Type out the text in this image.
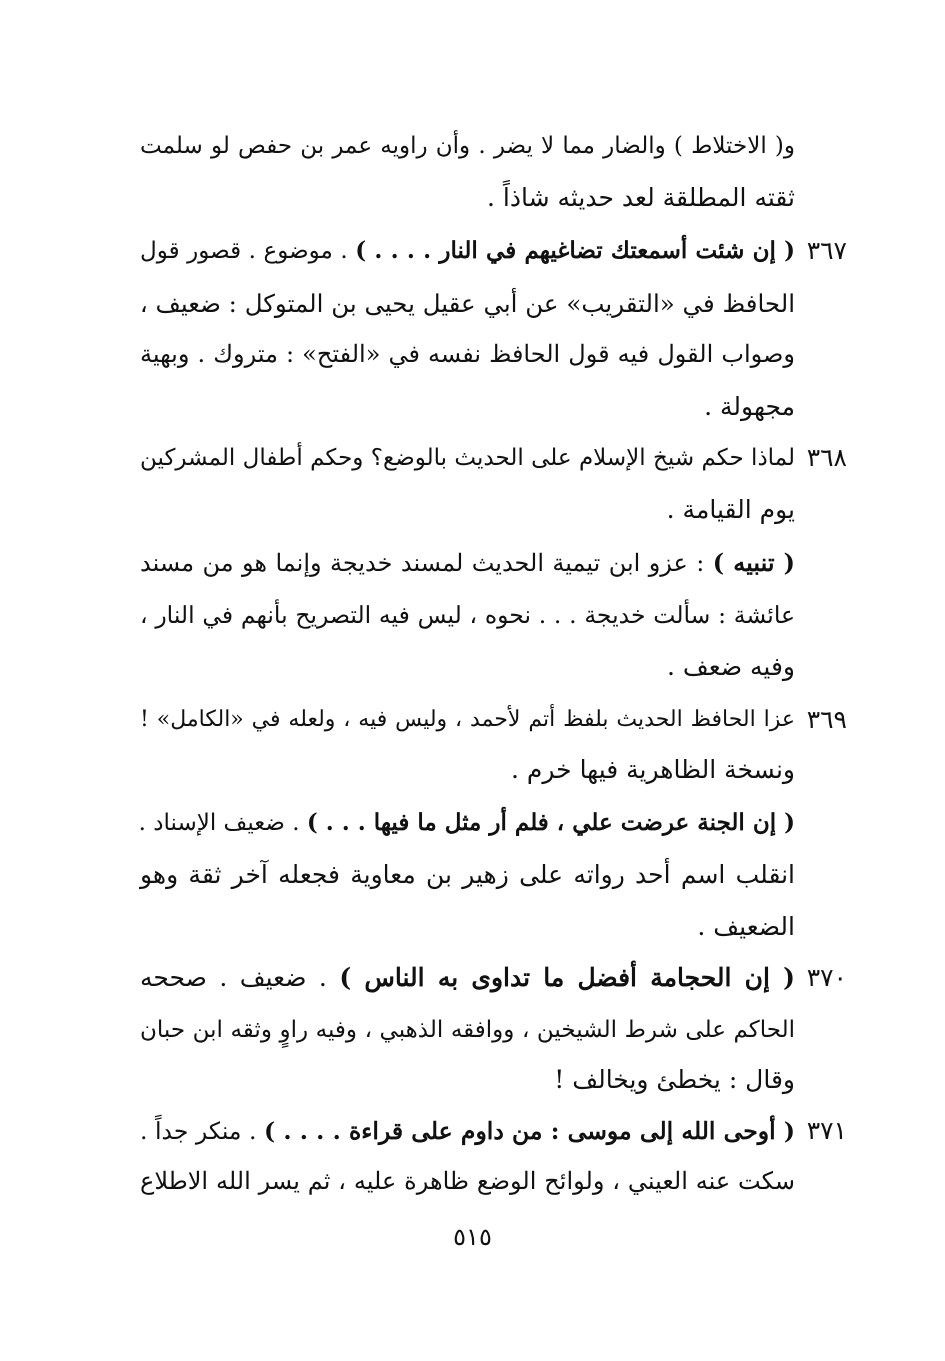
و( الاختلاط ) والضار مما لا يضر . وأن راويه عمر بن حفص لو سلمت
ثقته المطلقة لعد حديثه شاذاً .
٣٦٧
( إن شئت أسمعتك تضاغيهم في النار . . . . ) . موضوع . قصور قول
الحافظ في «التقريب» عن أبي عقيل يحيى بن المتوكل : ضعيف ،
وصواب القول فيه قول الحافظ نفسه في «الفتح» : متروك . وبهية
مجهولة .
٣٦٨
لماذا حكم شيخ الإسلام على الحديث بالوضع؟ وحكم أطفال المشركين
يوم القيامة .
( تنبيه ) : عزو ابن تيمية الحديث لمسند خديجة وإنما هو من مسند
عائشة : سألت خديجة . . . نحوه ، ليس فيه التصريح بأنهم في النار ،
وفيه ضعف .
٣٦٩
عزا الحافظ الحديث بلفظ أتم لأحمد ، وليس فيه ، ولعله في «الكامل» !
ونسخة الظاهرية فيها خرم .
( إن الجنة عرضت علي ، فلم أر مثل ما فيها . . . ) . ضعيف الإسناد .
انقلب اسم أحد رواته على زهير بن معاوية فجعله آخر ثقة وهو
الضعيف .
٣٧٠
( إن الحجامة أفضل ما تداوى به الناس ) . ضعيف . صححه
الحاكم على شرط الشيخين ، ووافقه الذهبي ، وفيه راوٍ وثقه ابن حبان
وقال : يخطئ ويخالف !
٣٧١
( أوحى الله إلى موسى : من داوم على قراءة . . . . ) . منكر جداً .
سكت عنه العيني ، ولوائح الوضع ظاهرة عليه ، ثم يسر الله الاطلاع
٥١٥
